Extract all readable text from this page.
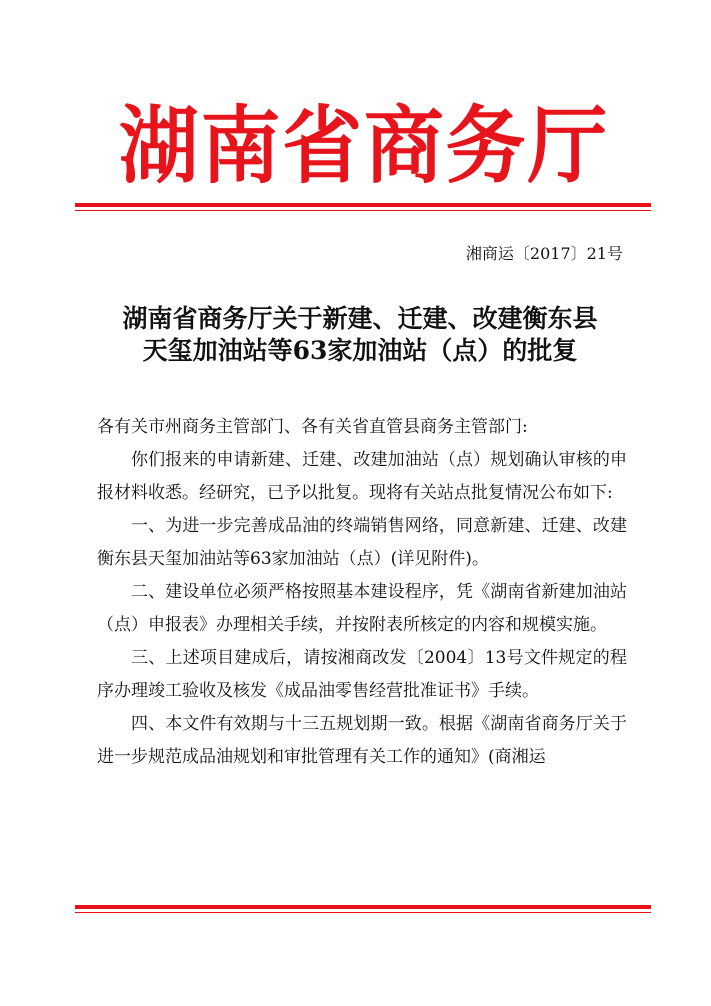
湖南省商务厅
湘商运〔2017〕21号
湖南省商务厅关于新建、迁建、改建衡东县
天玺加油站等63家加油站（点）的批复

各有关市州商务主管部门、各有关省直管县商务主管部门:

你们报来的申请新建、迁建、改建加油站（点）规划确认审核的申报材料收悉。经研究，已予以批复。现将有关站点批复情况公布如下:

一、为进一步完善成品油的终端销售网络，同意新建、迁建、改建衡东县天玺加油站等63家加油站（点）(详见附件)。

二、建设单位必须严格按照基本建设程序，凭《湖南省新建加油站（点）申报表》办理相关手续，并按附表所核定的内容和规模实施。

三、上述项目建成后，请按湘商改发〔2004〕13号文件规定的程序办理竣工验收及核发《成品油零售经营批准证书》手续。

四、本文件有效期与十三五规划期一致。根据《湖南省商务厅关于进一步规范成品油规划和审批管理有关工作的通知》(商湘运
